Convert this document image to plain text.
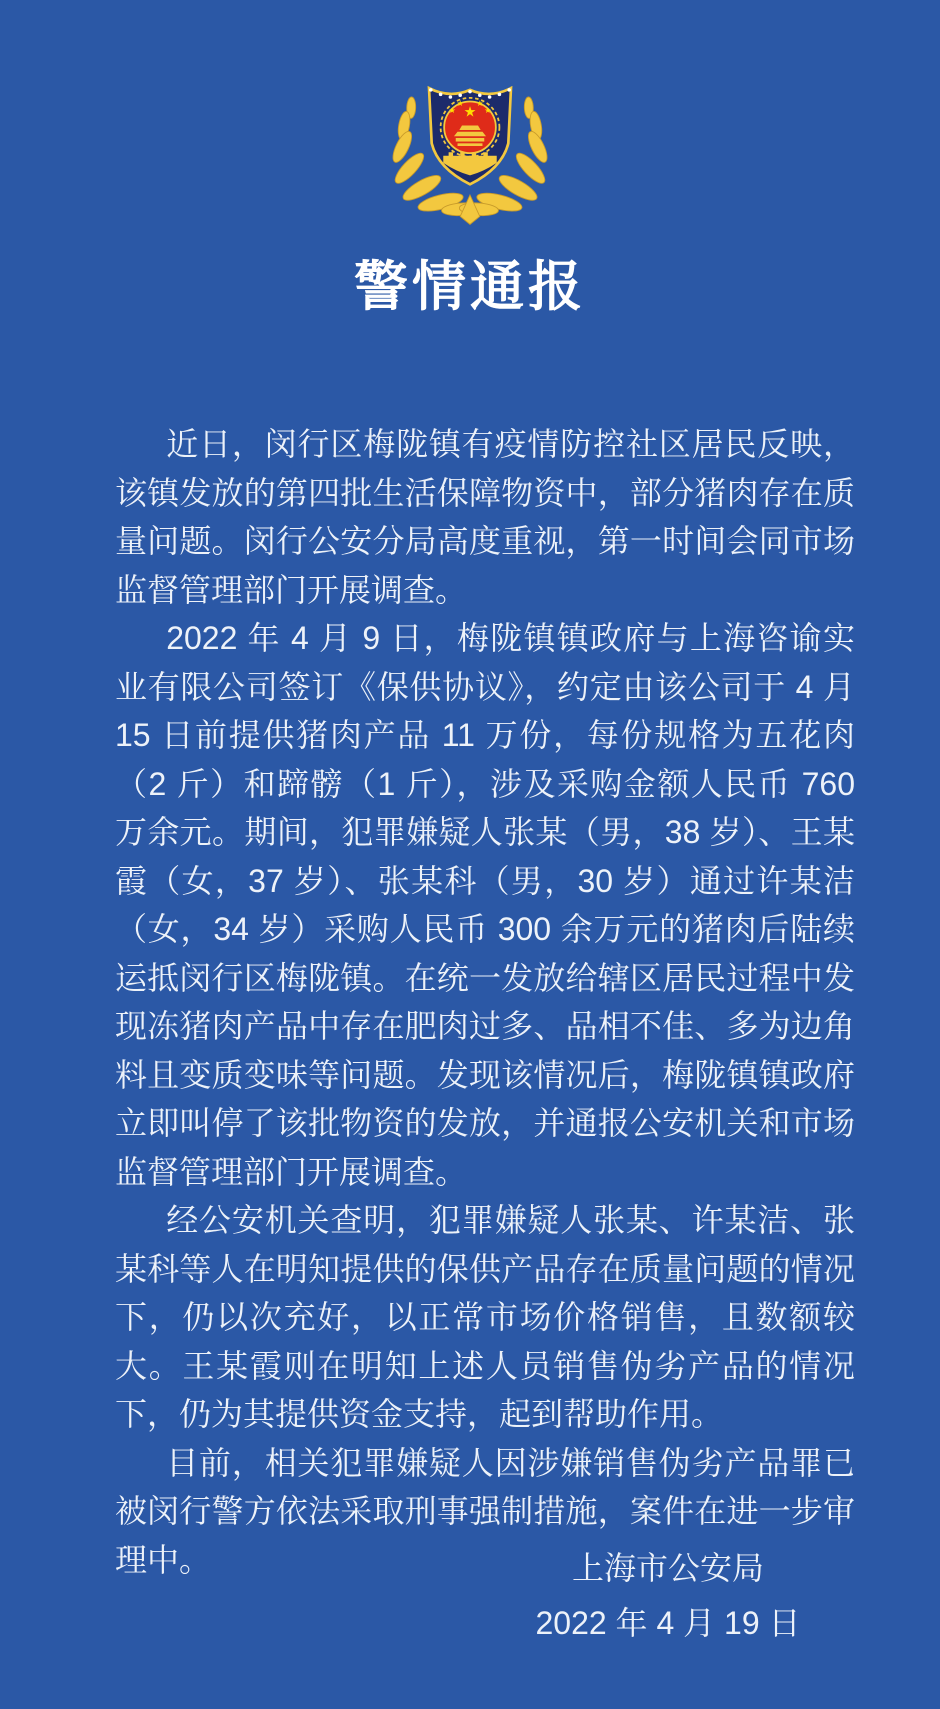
★
★
★ ★
★
警情通报

近日，闵行区梅陇镇有疫情防控社区居民反映，该镇发放的第四批生活保障物资中，部分猪肉存在质量问题。闵行公安分局高度重视，第一时间会同市场监督管理部门开展调查。

2022 年 4 月 9 日，梅陇镇镇政府与上海咨谕实业有限公司签订《保供协议》，约定由该公司于 4 月 15 日前提供猪肉产品 11 万份，每份规格为五花肉（2 斤）和蹄髈（1 斤），涉及采购金额人民币 760 万余元。期间，犯罪嫌疑人张某（男，38 岁）、王某霞（女，37 岁）、张某科（男，30 岁）通过许某洁（女，34 岁）采购人民币 300 余万元的猪肉后陆续运抵闵行区梅陇镇。在统一发放给辖区居民过程中发现冻猪肉产品中存在肥肉过多、品相不佳、多为边角料且变质变味等问题。发现该情况后，梅陇镇镇政府立即叫停了该批物资的发放，并通报公安机关和市场监督管理部门开展调查。

经公安机关查明，犯罪嫌疑人张某、许某洁、张某科等人在明知提供的保供产品存在质量问题的情况下，仍以次充好，以正常市场价格销售，且数额较大。王某霞则在明知上述人员销售伪劣产品的情况下，仍为其提供资金支持，起到帮助作用。

目前，相关犯罪嫌疑人因涉嫌销售伪劣产品罪已被闵行警方依法采取刑事强制措施，案件在进一步审理中。	上海市公安局

2022 年 4 月 19 日
